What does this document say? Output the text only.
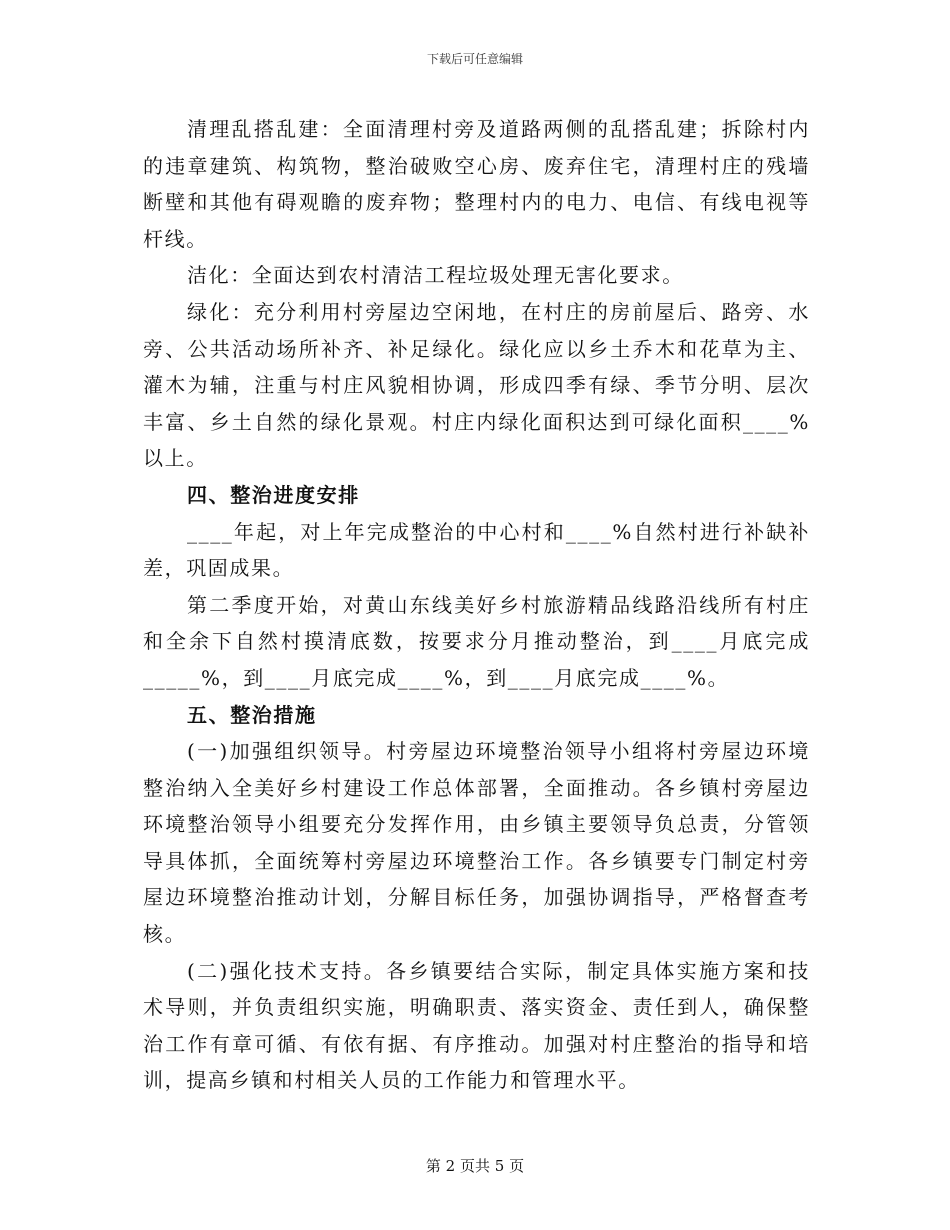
下载后可任意编辑

清理乱搭乱建：全面清理村旁及道路两侧的乱搭乱建；拆除村内的违章建筑、构筑物，整治破败空心房、废弃住宅，清理村庄的残墙断壁和其他有碍观瞻的废弃物；整理村内的电力、电信、有线电视等杆线。

洁化：全面达到农村清洁工程垃圾处理无害化要求。

绿化：充分利用村旁屋边空闲地，在村庄的房前屋后、路旁、水旁、公共活动场所补齐、补足绿化。绿化应以乡土乔木和花草为主、灌木为辅，注重与村庄风貌相协调，形成四季有绿、季节分明、层次丰富、乡土自然的绿化景观。村庄内绿化面积达到可绿化面积____%以上。

四、整治进度安排

____年起，对上年完成整治的中心村和____%自然村进行补缺补差，巩固成果。

第二季度开始，对黄山东线美好乡村旅游精品线路沿线所有村庄和全余下自然村摸清底数，按要求分月推动整治，到____月底完成_____%，到____月底完成____%，到____月底完成____%。

五、整治措施

(一)加强组织领导。村旁屋边环境整治领导小组将村旁屋边环境整治纳入全美好乡村建设工作总体部署，全面推动。各乡镇村旁屋边环境整治领导小组要充分发挥作用，由乡镇主要领导负总责，分管领导具体抓，全面统筹村旁屋边环境整治工作。各乡镇要专门制定村旁屋边环境整治推动计划，分解目标任务，加强协调指导，严格督查考核。

(二)强化技术支持。各乡镇要结合实际，制定具体实施方案和技术导则，并负责组织实施，明确职责、落实资金、责任到人，确保整治工作有章可循、有依有据、有序推动。加强对村庄整治的指导和培训，提高乡镇和村相关人员的工作能力和管理水平。

第 2 页共 5 页
